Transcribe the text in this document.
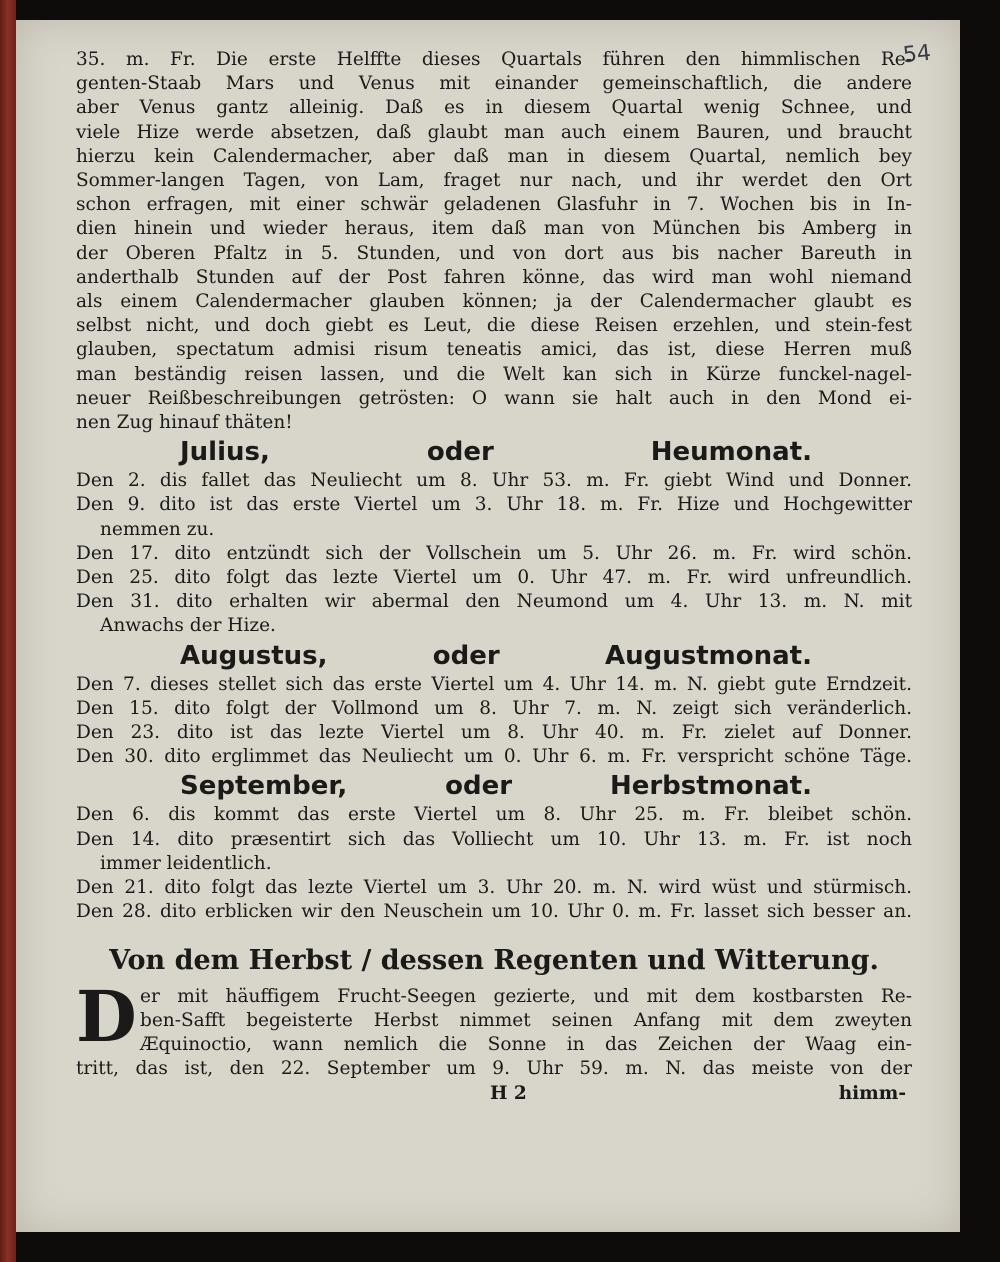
54
35. m. Fr. Die erste Helffte dieses Quartals führen den himmlischen Re-
genten-Staab Mars und Venus mit einander gemeinschaftlich, die andere
aber Venus gantz alleinig. Daß es in diesem Quartal wenig Schnee, und
viele Hize werde absetzen, daß glaubt man auch einem Bauren, und braucht
hierzu kein Calendermacher, aber daß man in diesem Quartal, nemlich bey
Sommer-langen Tagen, von Lam, fraget nur nach, und ihr werdet den Ort
schon erfragen, mit einer schwär geladenen Glasfuhr in 7. Wochen bis in In-
dien hinein und wieder heraus, item daß man von München bis Amberg in
der Oberen Pfaltz in 5. Stunden, und von dort aus bis nacher Bareuth in
anderthalb Stunden auf der Post fahren könne, das wird man wohl niemand
als einem Calendermacher glauben können; ja der Calendermacher glaubt es
selbst nicht, und doch giebt es Leut, die diese Reisen erzehlen, und stein-fest
glauben, spectatum admisi risum teneatis amici, das ist, diese Herren muß
man beständig reisen lassen, und die Welt kan sich in Kürze funckel-nagel-
neuer Reißbeschreibungen getrösten: O wann sie halt auch in den Mond ei-
nen Zug hinauf thäten!
Julius,	oder	Heumonat.
Den 2. dis fallet das Neuliecht um 8. Uhr 53. m. Fr. giebt Wind und Donner.
Den 9. dito ist das erste Viertel um 3. Uhr 18. m. Fr. Hize und Hochgewitter
nemmen zu.
Den 17. dito entzündt sich der Vollschein um 5. Uhr 26. m. Fr. wird schön.
Den 25. dito folgt das lezte Viertel um 0. Uhr 47. m. Fr. wird unfreundlich.
Den 31. dito erhalten wir abermal den Neumond um 4. Uhr 13. m. N. mit
Anwachs der Hize.
Augustus,	oder	Augustmonat.
Den 7. dieses stellet sich das erste Viertel um 4. Uhr 14. m. N. giebt gute Erndzeit.
Den 15. dito folgt der Vollmond um 8. Uhr 7. m. N. zeigt sich veränderlich.
Den 23. dito ist das lezte Viertel um 8. Uhr 40. m. Fr. zielet auf Donner.
Den 30. dito erglimmet das Neuliecht um 0. Uhr 6. m. Fr. verspricht schöne Täge.
September,	oder	Herbstmonat.
Den 6. dis kommt das erste Viertel um 8. Uhr 25. m. Fr. bleibet schön.
Den 14. dito præsentirt sich das Volliecht um 10. Uhr 13. m. Fr. ist noch
immer leidentlich.
Den 21. dito folgt das lezte Viertel um 3. Uhr 20. m. N. wird wüst und stürmisch.
Den 28. dito erblicken wir den Neuschein um 10. Uhr 0. m. Fr. lasset sich besser an.
Von dem Herbst / dessen Regenten und Witterung.
D er mit häuffigem Frucht-Seegen gezierte, und mit dem kostbarsten Re-
ben-Safft begeisterte Herbst nimmet seinen Anfang mit dem zweyten
Æquinoctio, wann nemlich die Sonne in das Zeichen der Waag ein-
tritt, das ist, den 22. September um 9. Uhr 59. m. N. das meiste von der
H 2	himm-
